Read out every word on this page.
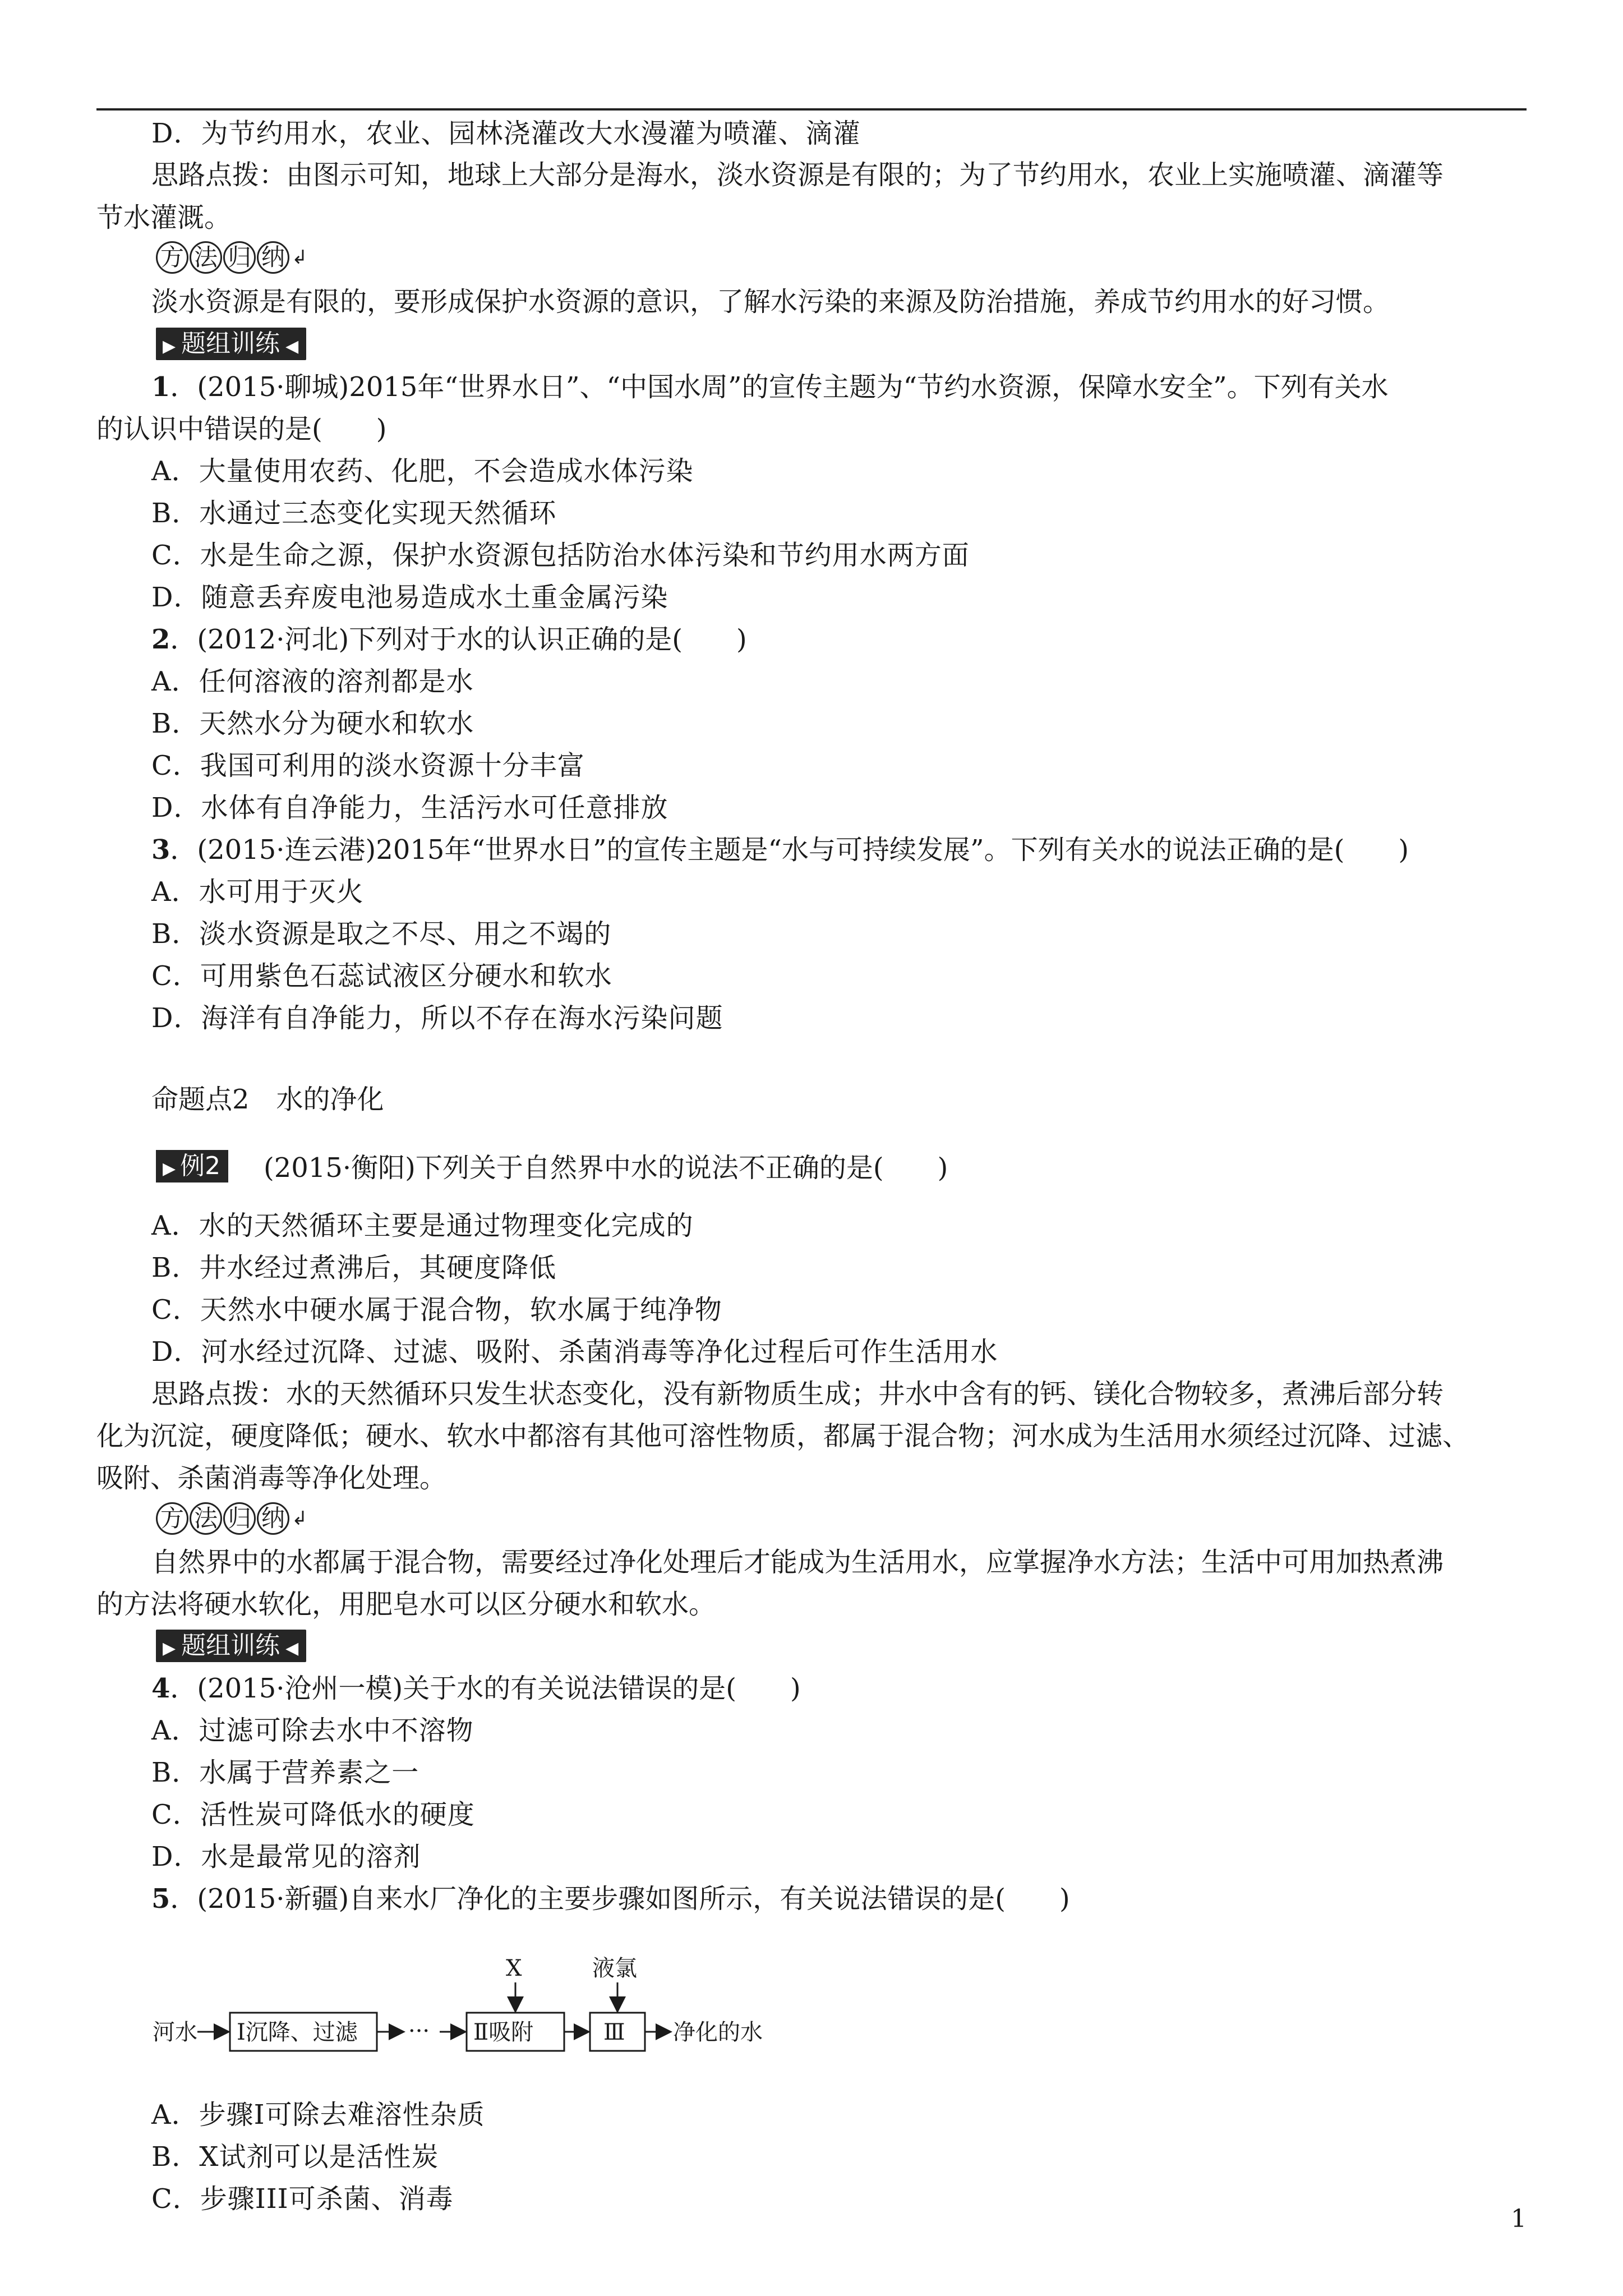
D．为节约用水，农业、园林浇灌改大水漫灌为喷灌、滴灌
思路点拨：由图示可知，地球上大部分是海水，淡水资源是有限的；为了节约用水，农业上实施喷灌、滴灌等
节水灌溉。
方 法 归 纳 ↲
淡水资源是有限的，要形成保护水资源的意识，了解水污染的来源及防治措施，养成节约用水的好习惯。
▶ 题组训练 ◀
1．(2015·聊城)2015年“世界水日”、“中国水周”的宣传主题为“节约水资源，保障水安全”。下列有关水
的认识中错误的是(　　)
A．大量使用农药、化肥，不会造成水体污染
B．水通过三态变化实现天然循环
C．水是生命之源，保护水资源包括防治水体污染和节约用水两方面
D．随意丢弃废电池易造成水土重金属污染
2．(2012·河北)下列对于水的认识正确的是(　　)
A．任何溶液的溶剂都是水
B．天然水分为硬水和软水
C．我国可利用的淡水资源十分丰富
D．水体有自净能力，生活污水可任意排放
3．(2015·连云港)2015年“世界水日”的宣传主题是“水与可持续发展”。下列有关水的说法正确的是(　　)
A．水可用于灭火
B．淡水资源是取之不尽、用之不竭的
C．可用紫色石蕊试液区分硬水和软水
D．海洋有自净能力，所以不存在海水污染问题
命题点2　水的净化
▶ 例2 (2015·衡阳)下列关于自然界中水的说法不正确的是(　　)
A．水的天然循环主要是通过物理变化完成的
B．井水经过煮沸后，其硬度降低
C．天然水中硬水属于混合物，软水属于纯净物
D．河水经过沉降、过滤、吸附、杀菌消毒等净化过程后可作生活用水
思路点拨：水的天然循环只发生状态变化，没有新物质生成；井水中含有的钙、镁化合物较多，煮沸后部分转
化为沉淀，硬度降低；硬水、软水中都溶有其他可溶性物质，都属于混合物；河水成为生活用水须经过沉降、过滤、
吸附、杀菌消毒等净化处理。
方 法 归 纳 ↲
自然界中的水都属于混合物，需要经过净化处理后才能成为生活用水，应掌握净水方法；生活中可用加热煮沸
的方法将硬水软化，用肥皂水可以区分硬水和软水。
▶ 题组训练 ◀
4．(2015·沧州一模)关于水的有关说法错误的是(　　)
A．过滤可除去水中不溶物
B．水属于营养素之一
C．活性炭可降低水的硬度
D．水是最常见的溶剂
5．(2015·新疆)自来水厂净化的主要步骤如图所示，有关说法错误的是(　　)
河水 Ⅰ沉降、过滤 ··· Ⅱ吸附
X
Ⅲ
液氯
净化的水
A．步骤Ⅰ可除去难溶性杂质
B．X试剂可以是活性炭
C．步骤III可杀菌、消毒
1
